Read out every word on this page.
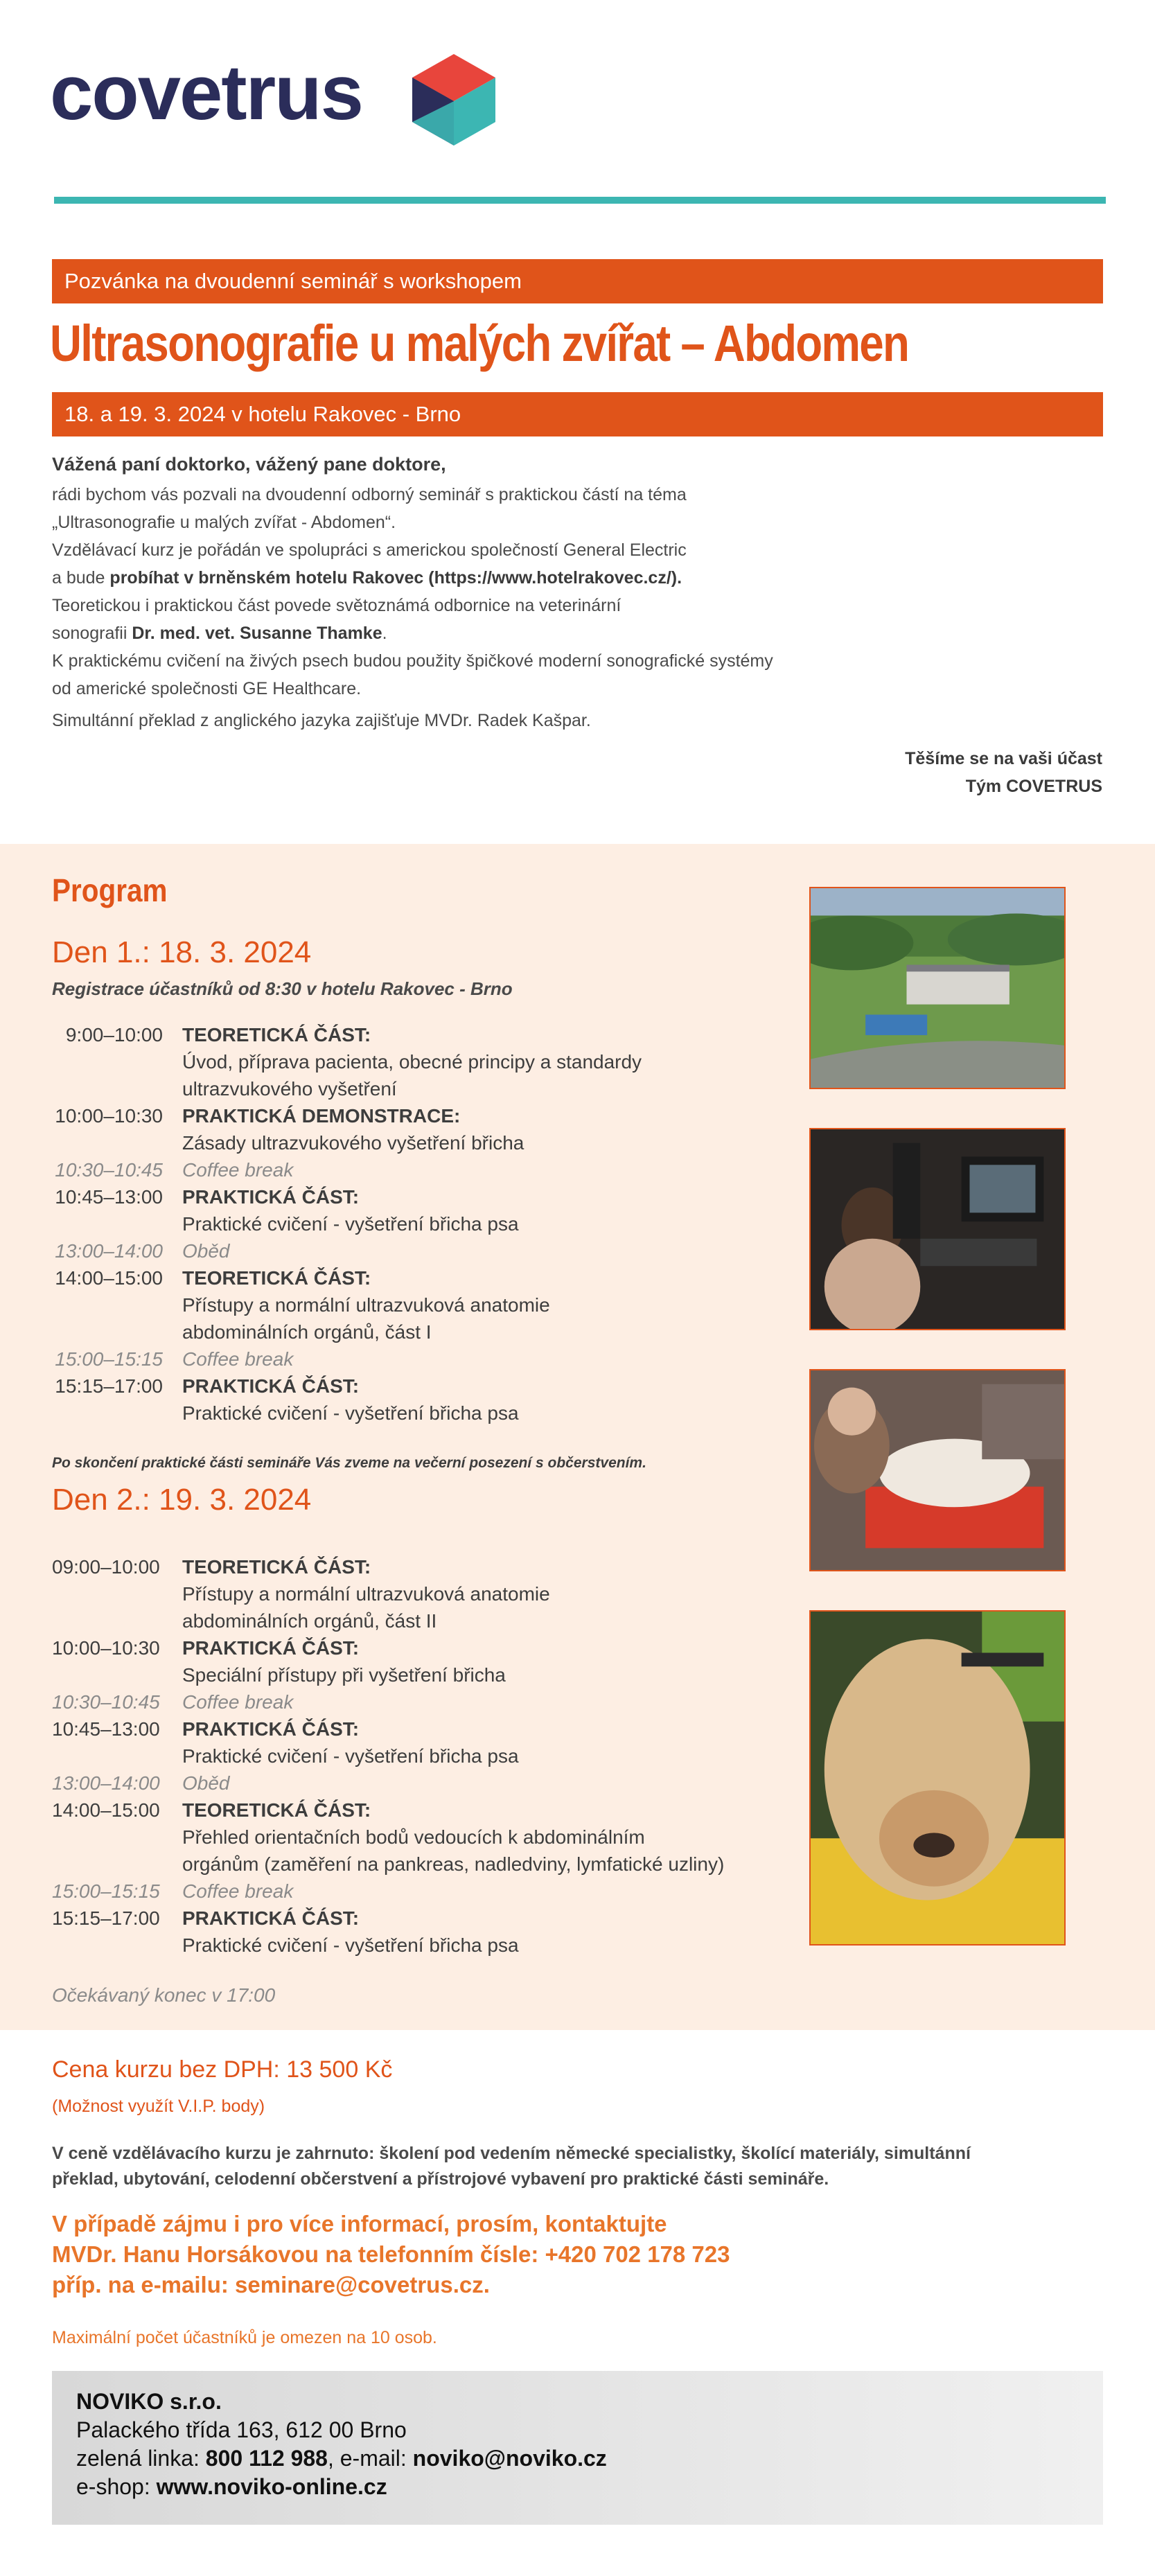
covetrus
Pozvánka na dvoudenní seminář s workshopem
Ultrasonografie u malých zvířat – Abdomen
18. a 19. 3. 2024 v hotelu Rakovec - Brno

Vážená paní doktorko, vážený pane doktore,

rádi bychom vás pozvali na dvoudenní odborný seminář s praktickou částí na téma
„Ultrasonografie u malých zvířat - Abdomen“.
Vzdělávací kurz je pořádán ve spolupráci s americkou společností General Electric
a bude probíhat v brněnském hotelu Rakovec (https://www.hotelrakovec.cz/).
Teoretickou i praktickou část povede světoznámá odbornice na veterinární
sonografii Dr. med. vet. Susanne Thamke.
K praktickému cvičení na živých psech budou použity špičkové moderní sonografické systémy
od americké společnosti GE Healthcare.
Simultánní překlad z anglického jazyka zajišťuje MVDr. Radek Kašpar.
Těšíme se na vaši účast
Tým COVETRUS
Program
Den 1.: 18. 3. 2024
Registrace účastníků od 8:30 v hotelu Rakovec - Brno
9:00–10:00	TEORETICKÁ ČÁST:
Úvod, příprava pacienta, obecné principy a standardy
ultrazvukového vyšetření
10:00–10:30	PRAKTICKÁ DEMONSTRACE:
Zásady ultrazvukového vyšetření břicha
10:30–10:45	Coffee break
10:45–13:00	PRAKTICKÁ ČÁST:
Praktické cvičení - vyšetření břicha psa
13:00–14:00	Oběd
14:00–15:00	TEORETICKÁ ČÁST:
Přístupy a normální ultrazvuková anatomie
abdominálních orgánů, část I
15:00–15:15	Coffee break
15:15–17:00	PRAKTICKÁ ČÁST:
Praktické cvičení - vyšetření břicha psa
Po skončení praktické části semináře Vás zveme na večerní posezení s občerstvením.
Den 2.: 19. 3. 2024
09:00–10:00	TEORETICKÁ ČÁST:
Přístupy a normální ultrazvuková anatomie
abdominálních orgánů, část II
10:00–10:30	PRAKTICKÁ ČÁST:
Speciální přístupy při vyšetření břicha
10:30–10:45	Coffee break
10:45–13:00	PRAKTICKÁ ČÁST:
Praktické cvičení - vyšetření břicha psa
13:00–14:00	Oběd
14:00–15:00	TEORETICKÁ ČÁST:
Přehled orientačních bodů vedoucích k abdominálním
orgánům (zaměření na pankreas, nadledviny, lymfatické uzliny)
15:00–15:15	Coffee break
15:15–17:00	PRAKTICKÁ ČÁST:
Praktické cvičení - vyšetření břicha psa
Očekávaný konec v 17:00
Cena kurzu bez DPH: 13 500 Kč
(Možnost využít V.I.P. body)
V ceně vzdělávacího kurzu je zahrnuto: školení pod vedením německé specialistky, školící materiály, simultánní
překlad, ubytování, celodenní občerstvení a přístrojové vybavení pro praktické části semináře.
V případě zájmu i pro více informací, prosím, kontaktujte
MVDr. Hanu Horsákovou na telefonním čísle: +420 702 178 723
příp. na e-mailu: seminare@covetrus.cz.
Maximální počet účastníků je omezen na 10 osob.
NOVIKO s.r.o.
Palackého třída 163, 612 00 Brno
zelená linka: 800 112 988, e-mail: noviko@noviko.cz
e-shop: www.noviko-online.cz
